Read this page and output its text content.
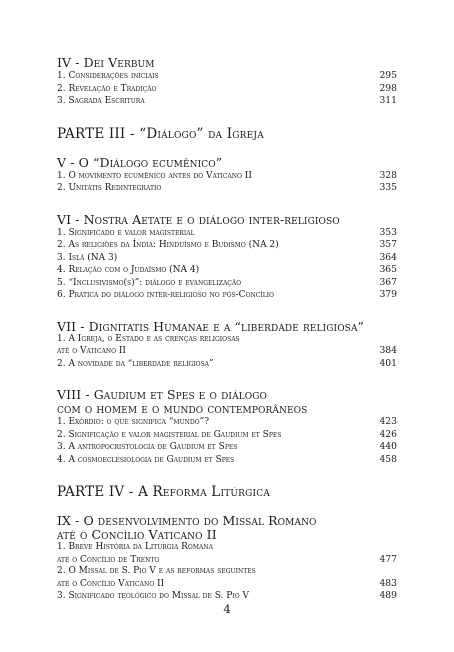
IV - Dei Verbum

1. Considerações iniciais	295
2. Revelação e Tradição	298
3. Sagrada Escritura	311

PARTE III - “Diálogo” da Igreja

V - O “Diálogo ecumênico”

1. O movimento ecumênico antes do Vaticano II	328
2. Unitatis Redintegratio	335

VI - Nostra Aetate e o diálogo inter-religioso

1. Significado e valor magisterial	353
2. As religiões da Índia: Hinduísmo e Budismo (NA 2)	357
3. Islã (NA 3)	364
4. Relação com o Judaísmo (NA 4)	365
5. “Inclusivismo(s)”: diálogo e evangelização	367
6. Prática do diálogo inter-religioso no pós-Concílio	379

VII - Dignitatis Humanae e a “liberdade religiosa”

1. A Igreja, o Estado e as crenças religiosas
até o Vaticano II	384
2. A novidade da “liberdade religiosa”	401

VIII - Gaudium et Spes e o diálogo

com o homem e o mundo contemporâneos

1. Exórdio: o que significa “mundo”?	423
2. Significação e valor magisterial de Gaudium et Spes	426
3. A antropocristologia de Gaudium et Spes	440
4. A cosmoeclesiologia de Gaudium et Spes	458

PARTE IV - A Reforma Litúrgica

IX - O desenvolvimento do Missal Romano

até o Concílio Vaticano II

1. Breve História da Liturgia Romana
até o Concílio de Trento	477
2. O Missal de S. Pio V e as reformas seguintes
até o Concílio Vaticano II	483
3. Significado teológico do Missal de S. Pio V	489

4
